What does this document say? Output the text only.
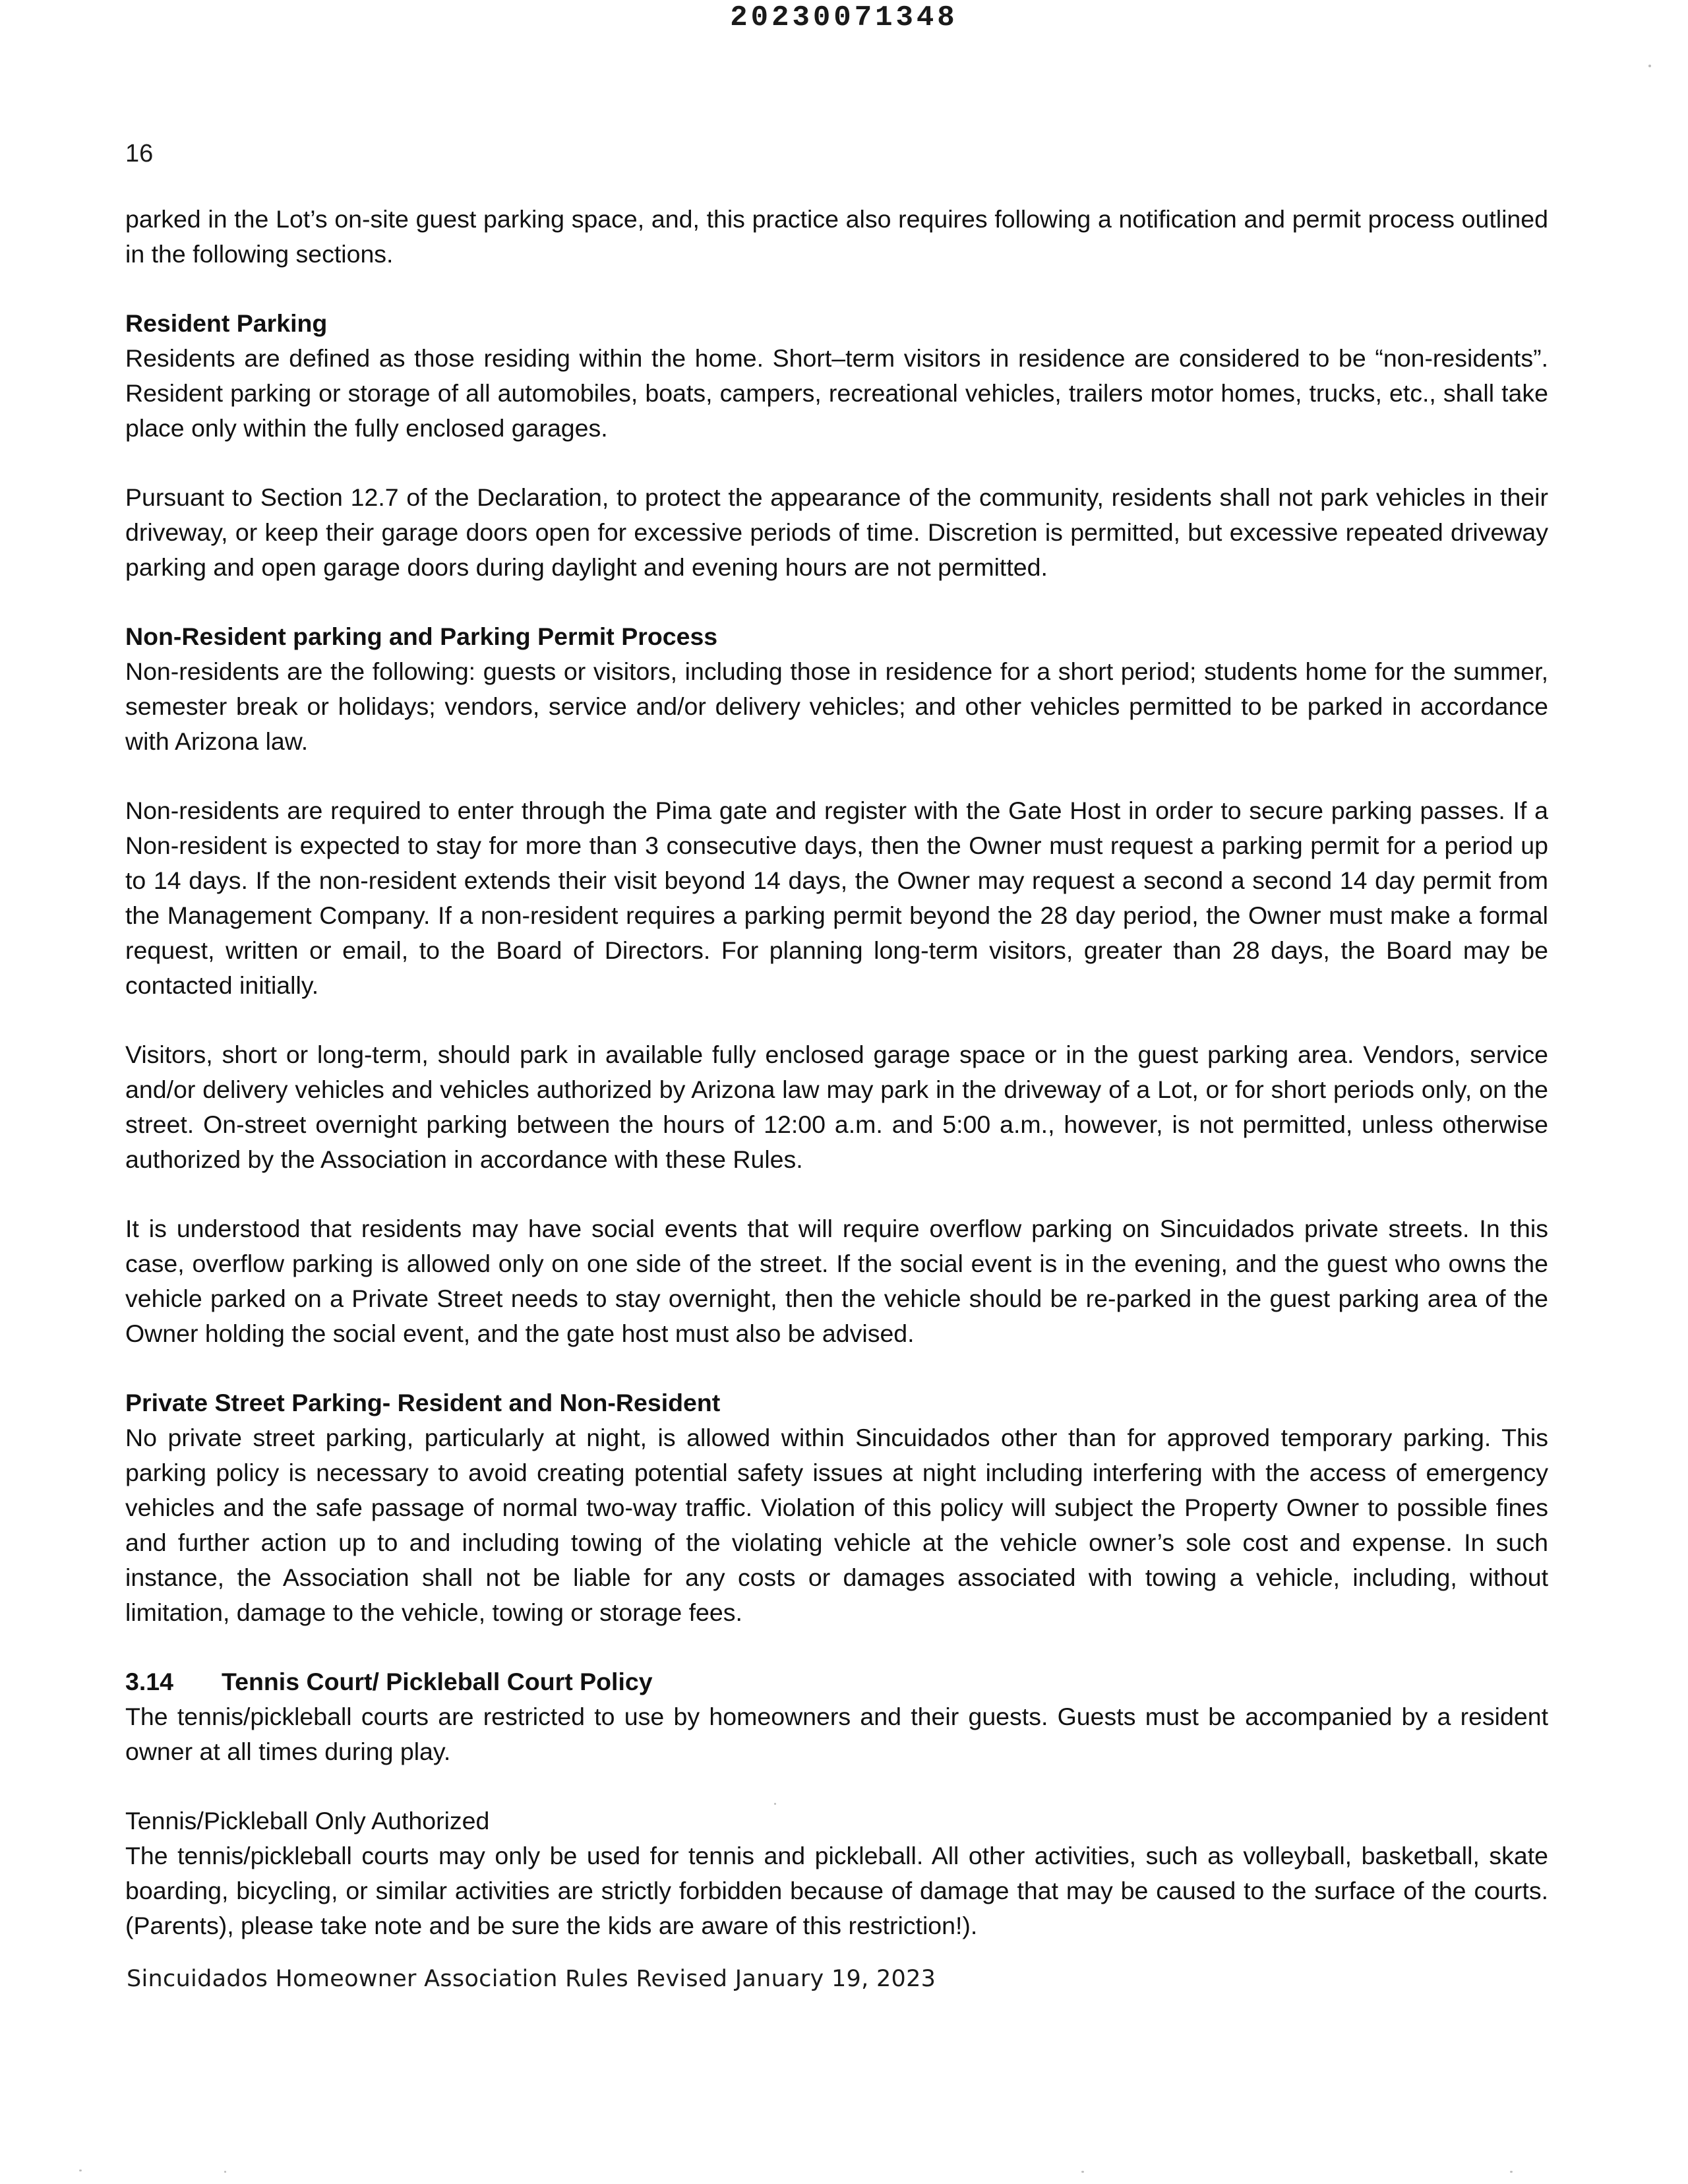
20230071348
16

parked in the Lot’s on-site guest parking space, and, this practice also requires following a notification and permit process outlined in the following sections.

Resident Parking

Residents are defined as those residing within the home. Short–term visitors in residence are considered to be “non-residents”. Resident parking or storage of all automobiles, boats, campers, recreational vehicles, trailers motor homes, trucks, etc., shall take place only within the fully enclosed garages.

Pursuant to Section 12.7 of the Declaration, to protect the appearance of the community, residents shall not park vehicles in their driveway, or keep their garage doors open for excessive periods of time. Discretion is permitted, but excessive repeated driveway parking and open garage doors during daylight and evening hours are not permitted.

Non-Resident parking and Parking Permit Process

Non-residents are the following: guests or visitors, including those in residence for a short period; students home for the summer, semester break or holidays; vendors, service and/or delivery vehicles; and other vehicles permitted to be parked in accordance with Arizona law.

Non-residents are required to enter through the Pima gate and register with the Gate Host in order to secure parking passes. If a Non-resident is expected to stay for more than 3 consecutive days, then the Owner must request a parking permit for a period up to 14 days. If the non-resident extends their visit beyond 14 days, the Owner may request a second a second 14 day permit from the Management Company. If a non-resident requires a parking permit beyond the 28 day period, the Owner must make a formal request, written or email, to the Board of Directors. For planning long-term visitors, greater than 28 days, the Board may be contacted initially.

Visitors, short or long-term, should park in available fully enclosed garage space or in the guest parking area. Vendors, service and/or delivery vehicles and vehicles authorized by Arizona law may park in the driveway of a Lot, or for short periods only, on the street. On-street overnight parking between the hours of 12:00 a.m. and 5:00 a.m., however, is not permitted, unless otherwise authorized by the Association in accordance with these Rules.

It is understood that residents may have social events that will require overflow parking on Sincuidados private streets. In this case, overflow parking is allowed only on one side of the street. If the social event is in the evening, and the guest who owns the vehicle parked on a Private Street needs to stay overnight, then the vehicle should be re-parked in the guest parking area of the Owner holding the social event, and the gate host must also be advised.

Private Street Parking- Resident and Non-Resident

No private street parking, particularly at night, is allowed within Sincuidados other than for approved temporary parking. This parking policy is necessary to avoid creating potential safety issues at night including interfering with the access of emergency vehicles and the safe passage of normal two-way traffic. Violation of this policy will subject the Property Owner to possible fines and further action up to and including towing of the violating vehicle at the vehicle owner’s sole cost and expense. In such instance, the Association shall not be liable for any costs or damages associated with towing a vehicle, including, without limitation, damage to the vehicle, towing or storage fees.

3.14 Tennis Court/ Pickleball Court Policy

The tennis/pickleball courts are restricted to use by homeowners and their guests. Guests must be accompanied by a resident owner at all times during play.

Tennis/Pickleball Only Authorized

The tennis/pickleball courts may only be used for tennis and pickleball. All other activities, such as volleyball, basketball, skate boarding, bicycling, or similar activities are strictly forbidden because of damage that may be caused to the surface of the courts. (Parents), please take note and be sure the kids are aware of this restriction!).

Sincuidados Homeowner Association Rules Revised January 19, 2023
